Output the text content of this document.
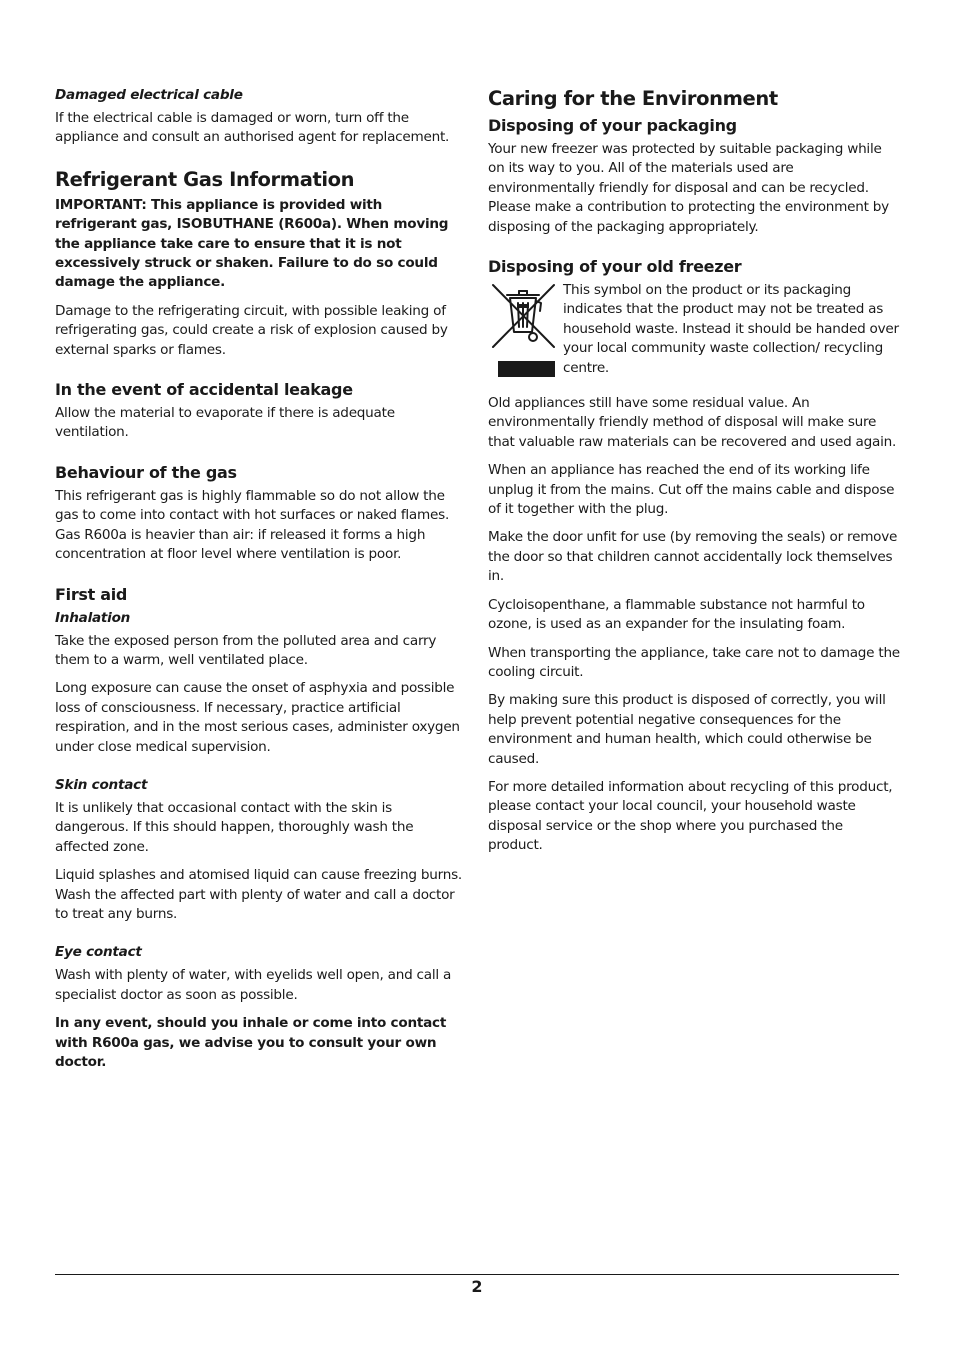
Damaged electrical cable

If the electrical cable is damaged or worn, turn off the appliance and consult an authorised agent for replacement.

Refrigerant Gas Information

IMPORTANT: This appliance is provided with refrigerant gas, ISOBUTHANE (R600a). When moving the appliance take care to ensure that it is not excessively struck or shaken. Failure to do so could damage the appliance.

Damage to the refrigerating circuit, with possible leaking of refrigerating gas, could create a risk of explosion caused by external sparks or flames.

In the event of accidental leakage

Allow the material to evaporate if there is adequate ventilation.

Behaviour of the gas

This refrigerant gas is highly flammable so do not allow the gas to come into contact with hot surfaces or naked flames. Gas R600a is heavier than air: if released it forms a high concentration at floor level where ventilation is poor.

First aid
Inhalation

Take the exposed person from the polluted area and carry them to a warm, well ventilated place.

Long exposure can cause the onset of asphyxia and possible loss of consciousness. If necessary, practice artificial respiration, and in the most serious cases, administer oxygen under close medical supervision.

Skin contact

It is unlikely that occasional contact with the skin is dangerous. If this should happen, thoroughly wash the affected zone.

Liquid splashes and atomised liquid can cause freezing burns. Wash the affected part with plenty of water and call a doctor to treat any burns.

Eye contact

Wash with plenty of water, with eyelids well open, and call a specialist doctor as soon as possible.

In any event, should you inhale or come into contact with R600a gas, we advise you to consult your own doctor.

Caring for the Environment
Disposing of your packaging

Your new freezer was protected by suitable packaging while on its way to you. All of the materials used are environmentally friendly for disposal and can be recycled. Please make a contribution to protecting the environment by disposing of the packaging appropriately.

Disposing of your old freezer

This symbol on the product or its packaging indicates that the product may not be treated as household waste. Instead it should be handed over your local community waste collection/ recycling centre.

Old appliances still have some residual value. An environmentally friendly method of disposal will make sure that valuable raw materials can be recovered and used again.

When an appliance has reached the end of its working life unplug it from the mains. Cut off the mains cable and dispose of it together with the plug.

Make the door unfit for use (by removing the seals) or remove the door so that children cannot accidentally lock themselves in.

Cycloisopenthane, a flammable substance not harmful to ozone, is used as an expander for the insulating foam.

When transporting the appliance, take care not to damage the cooling circuit.

By making sure this product is disposed of correctly, you will help prevent potential negative consequences for the environment and human health, which could otherwise be caused.

For more detailed information about recycling of this product, please contact your local council, your household waste disposal service or the shop where you purchased the product.

2
